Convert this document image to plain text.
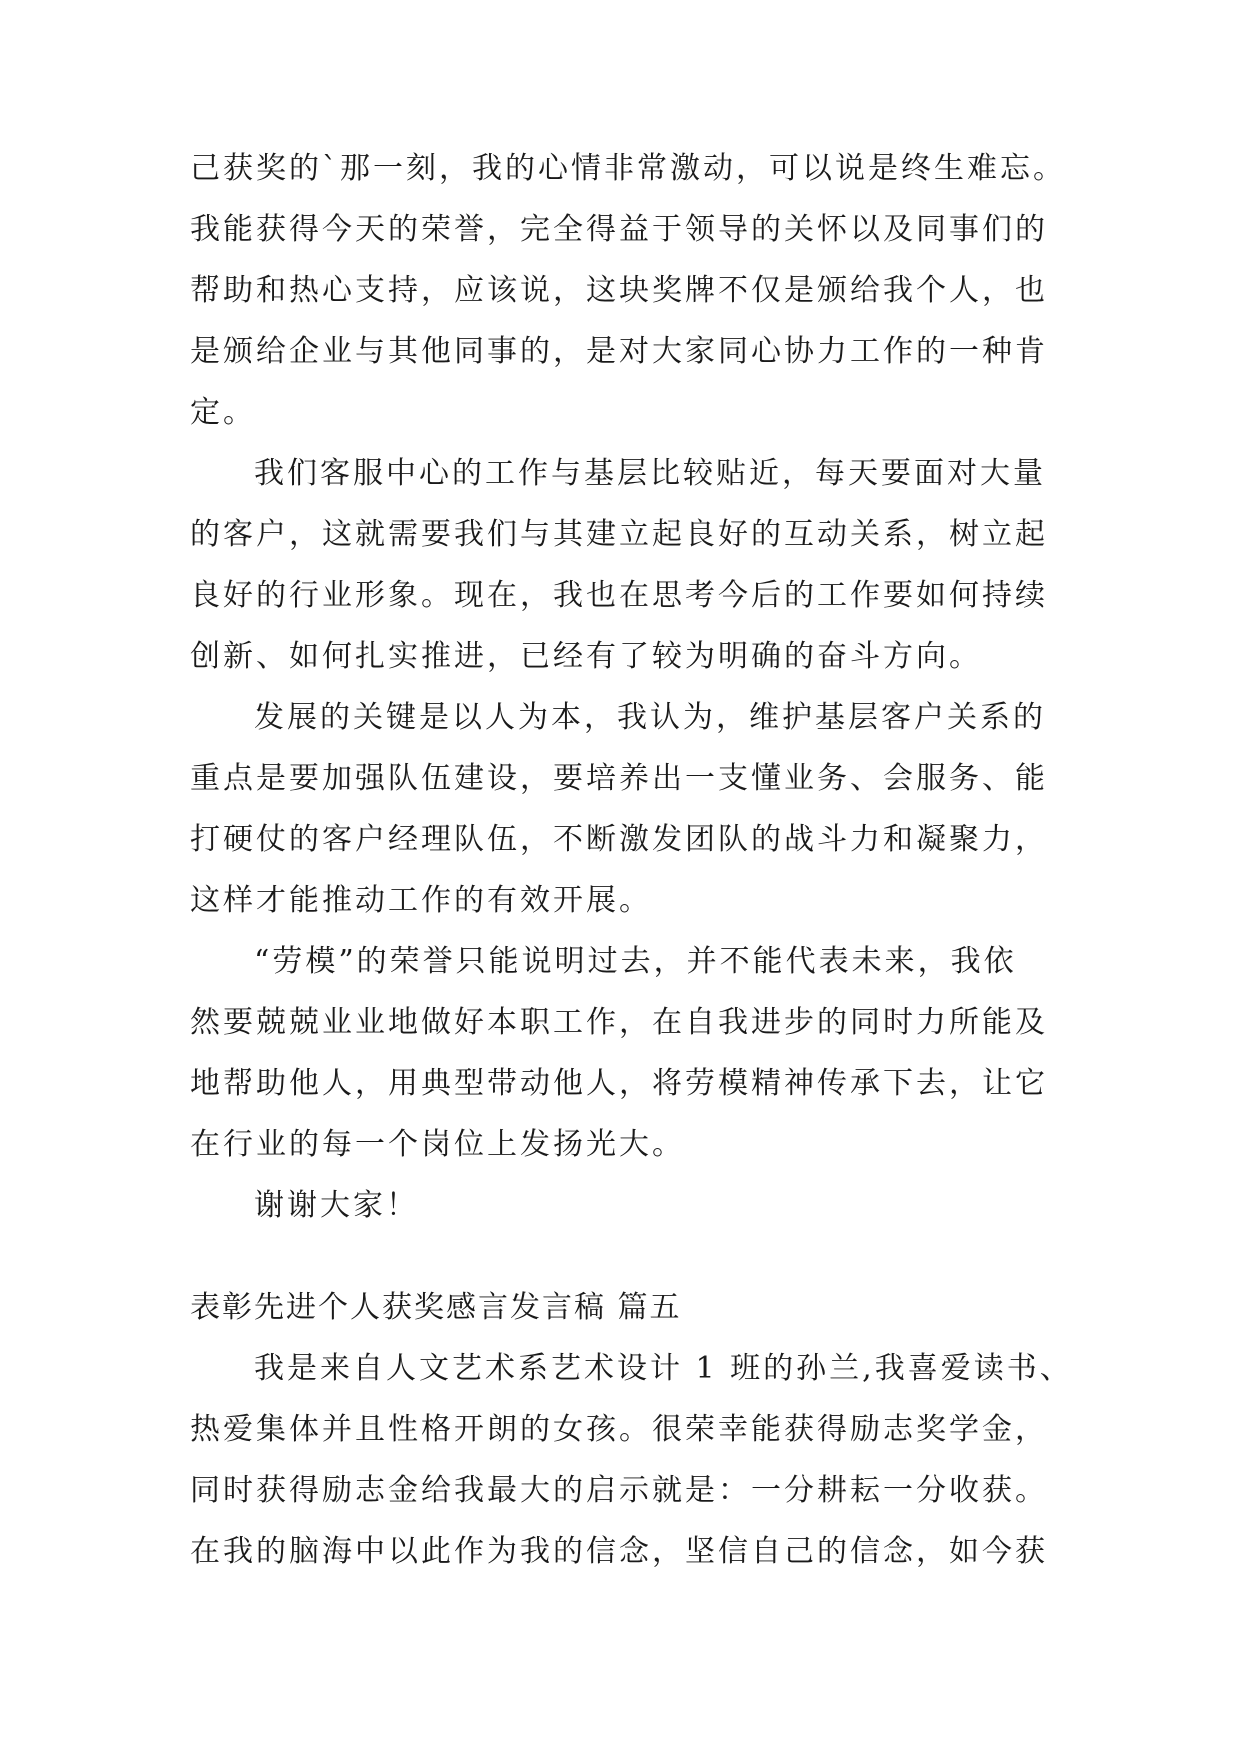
己获奖的`那一刻，我的心情非常激动，可以说是终生难忘。
我能获得今天的荣誉，完全得益于领导的关怀以及同事们的
帮助和热心支持，应该说，这块奖牌不仅是颁给我个人，也
是颁给企业与其他同事的，是对大家同心协力工作的一种肯
定。
我们客服中心的工作与基层比较贴近，每天要面对大量
的客户，这就需要我们与其建立起良好的互动关系，树立起
良好的行业形象。现在，我也在思考今后的工作要如何持续
创新、如何扎实推进，已经有了较为明确的奋斗方向。
发展的关键是以人为本，我认为，维护基层客户关系的
重点是要加强队伍建设，要培养出一支懂业务、会服务、能
打硬仗的客户经理队伍，不断激发团队的战斗力和凝聚力，
这样才能推动工作的有效开展。
“劳模”的荣誉只能说明过去，并不能代表未来，我依
然要兢兢业业地做好本职工作，在自我进步的同时力所能及
地帮助他人，用典型带动他人，将劳模精神传承下去，让它
在行业的每一个岗位上发扬光大。
谢谢大家！
表彰先进个人获奖感言发言稿 篇五
我是来自人文艺术系艺术设计 1 班的孙兰,我喜爱读书、
热爱集体并且性格开朗的女孩。很荣幸能获得励志奖学金，
同时获得励志金给我最大的启示就是：一分耕耘一分收获。
在我的脑海中以此作为我的信念，坚信自己的信念，如今获
